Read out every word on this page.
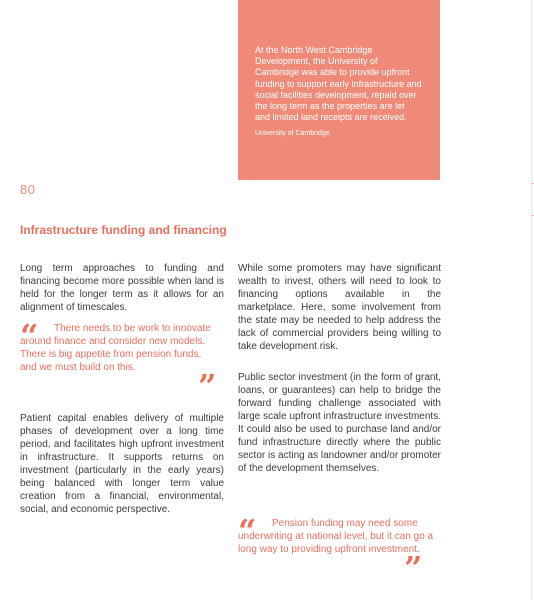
At the North West Cambridge Development, the University of Cambridge was able to provide upfront funding to support early infrastructure and social facilities development, repaid over the long term as the properties are let and limited land receipts are received.

University of Cambridge
80
Infrastructure funding and financing

Long term approaches to funding and financing become more possible when land is held for the longer term as it allows for an alignment of timescales.

“	There needs to be work to innovate around finance and consider new models. There is big appetite from pension funds, and we must build on this.	”

Patient capital enables delivery of multiple phases of development over a long time period, and facilitates high upfront investment in infrastructure. It supports returns on investment (particularly in the early years) being balanced with longer term value creation from a financial, environmental, social, and economic perspective.

While some promoters may have significant wealth to invest, others will need to look to financing options available in the marketplace. Here, some involvement from the state may be needed to help address the lack of commercial providers being willing to take development risk.

Public sector investment (in the form of grant, loans, or guarantees) can help to bridge the forward funding challenge associated with large scale upfront infrastructure investments. It could also be used to purchase land and/or fund infrastructure directly where the public sector is acting as landowner and/or promoter of the development themselves.

“	Pension funding may need some underwriting at national level, but it can go a long way to providing upfront investment.

”
